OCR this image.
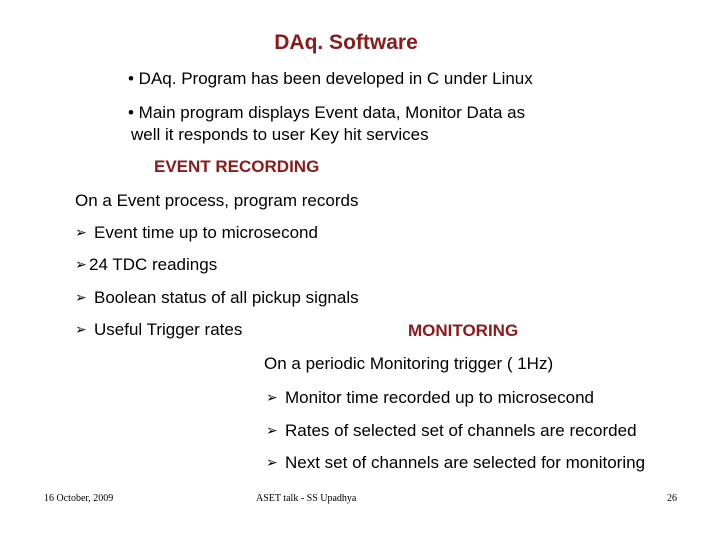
DAq. Software

• DAq. Program has been developed in C under Linux

• Main program displays Event data, Monitor Data as

well it responds to user Key hit services

EVENT RECORDING

On a Event process, program records

➢ Event time up to microsecond

➢ 24 TDC readings

➢ Boolean status of all pickup signals

➢ Useful Trigger rates	MONITORING

On a periodic Monitoring trigger ( 1Hz)

➢ Monitor time recorded up to microsecond

➢ Rates of selected set of channels are recorded

➢ Next set of channels are selected for monitoring

16 October, 2009	ASET talk - SS Upadhya	26
